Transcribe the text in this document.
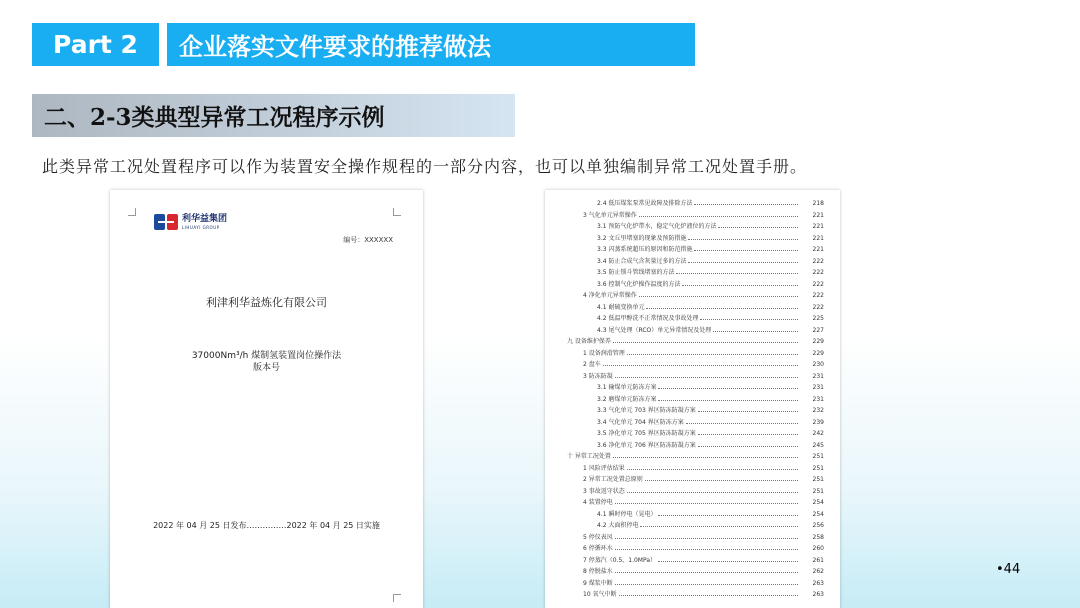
Part 2	企业落实文件要求的推荐做法
二、2-3类典型异常工况程序示例
此类异常工况处置程序可以作为装置安全操作规程的一部分内容，也可以单独编制异常工况处置手册。
利华益集团
LIHUAYI GROUP
编号：XXXXXX
利津利华益炼化有限公司
37000Nm³/h 煤制氢装置岗位操作法
版本号
2022 年 04 月 25 日发布……………2022 年 04 月 25 日实施
2.4 低压煤浆泵常见故障及排除方法	218
3 气化单元异常操作	221
3.1 预防气化炉带水，稳定气化炉液位的方法	221
3.2 文丘里堵塞的现象及预防措施	221
3.3 闪蒸系统超压的原因和防范措施	221
3.4 防止合成气含灰量过多的方法	222
3.5 防止锁斗管线堵塞的方法	222
3.6 控制气化炉操作温度的方法	222
4 净化单元异常操作	222
4.1 耐硫变换单元	222
4.2 低温甲醇洗不正常情况及事故处理	225
4.3 尾气处理（RCO）单元异常情况及处理	227
九 设备维护保养	229
1 设备润滑管理	229
2 盘车	230
3 防冻防凝	231
3.1 输煤单元防冻方案	231
3.2 磨煤单元防冻方案	231
3.3 气化单元 703 界区防冻防凝方案	232
3.4 气化单元 704 界区防冻方案	239
3.5 净化单元 705 界区防冻防凝方案	242
3.6 净化单元 706 界区防冻防凝方案	245
十 异常工况处置	251
1 风险评估结果	251
2 异常工况处置总原则	251
3 事故返守状态	251
4 装置停电	254
4.1 瞬时停电（晃电）	254
4.2 大面积停电	256
5 停仪表风	258
6 停循环水	260
7 停蒸汽（0.5、1.0MPa）	261
8 停脱盐水	262
9 煤浆中断	263
10 氧气中断	263
•44
